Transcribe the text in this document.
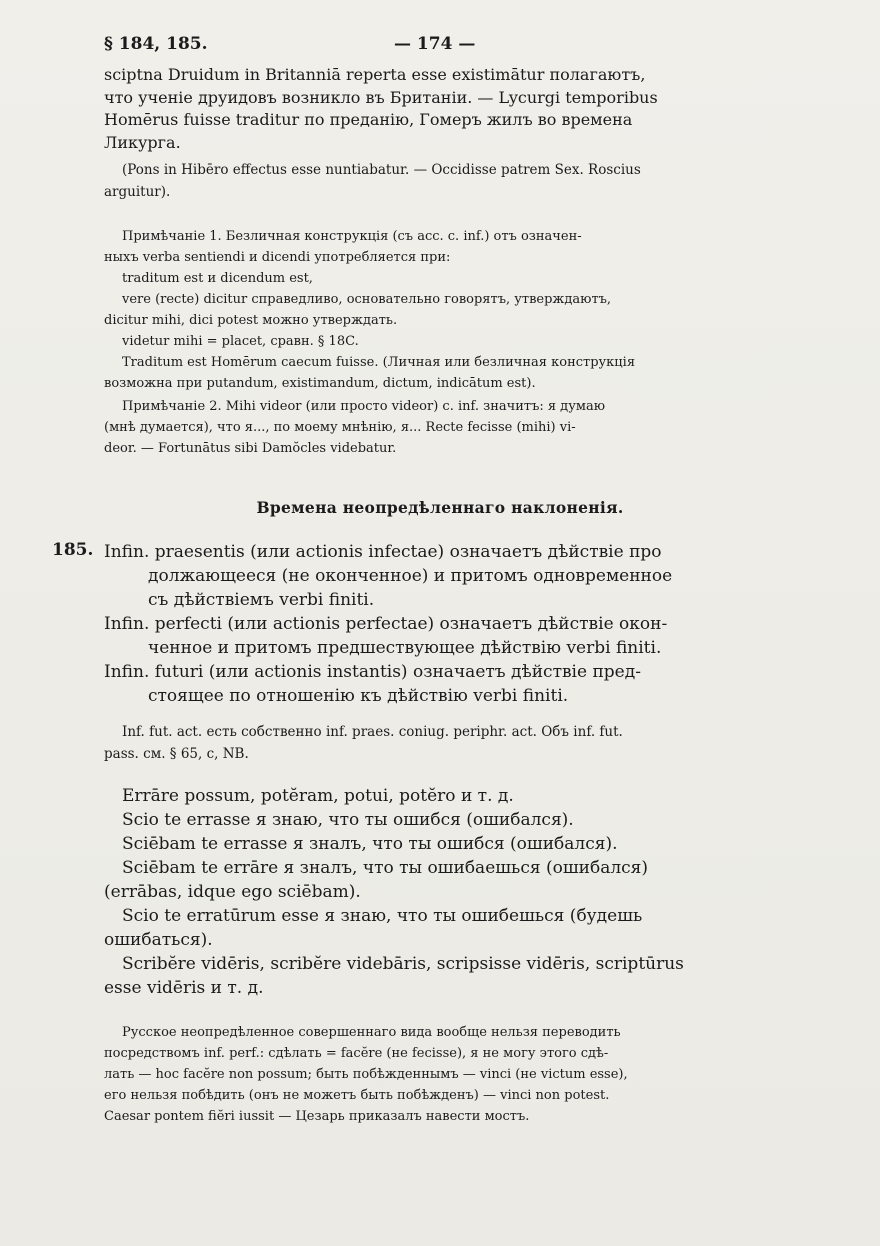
§ 184, 185.	— 174 —
sciptna Druidum in Britanniā reperta esse existimātur полагаютъ,
что ученіе друидовъ возникло въ Британіи. — Lycurgi temporibus
Homērus fuisse traditur по преданію, Гомеръ жилъ во времена
Ликурга.
(Pons in Hibēro effectus esse nuntiabatur. — Occidisse patrem Sex. Roscius
arguitur).
Примѣчаніе 1. Безличная конструкція (съ acc. c. inf.) отъ означен-
ныхъ verba sentiendi и dicendi употребляется при:
traditum est и dicendum est,
vere (recte) dicitur справедливо, основательно говорятъ, утверждаютъ,
dicitur mihi, dici potest можно утверждать.
videtur mihi = placet, сравн. § 18C.
Traditum est Homērum caecum fuisse. (Личная или безличная конструкція
возможна при putandum, existimandum, dictum, indicātum est).
Примѣчаніе 2. Mihi videor (или просто videor) c. inf. значитъ: я думаю
(мнѣ думается), что я..., по моему мнѣнію, я... Recte fecisse (mihi) vi-
deor. — Fortunātus sibi Damŏcles videbatur.
Времена неопредѣленнаго наклоненія.
185. Infin. praesentis (или actionis infectae) означаетъ дѣйствіе про
должающееся (не оконченное) и притомъ одновременное
съ дѣйствіемъ verbi finiti.
Infin. perfecti (или actionis perfectae) означаетъ дѣйствіе окон-
ченное и притомъ предшествующее дѣйствію verbi finiti.
Infin. futuri (или actionis instantis) означаетъ дѣйствіе пред-
стоящее по отношенію къ дѣйствію verbi finiti.
Inf. fut. act. есть собственно inf. praes. coniug. periphr. act. Объ inf. fut.
pass. см. § 65, c, NB.
Errāre possum, potĕram, potui, potĕro и т. д.
Scio te errasse я знаю, что ты ошибся (ошибался).
Sciēbam te errasse я зналъ, что ты ошибся (ошибался).
Sciēbam te errāre я зналъ, что ты ошибаешься (ошибался)
(errābas, idque ego sciēbam).
Scio te erratūrum esse я знаю, что ты ошибешься (будешь
ошибаться).
Scribĕre vidēris, scribĕre videbāris, scripsisse vidēris, scriptūrus
esse vidēris и т. д.
Русское неопредѣленное совершеннаго вида вообще нельзя переводить
посредствомъ inf. perf.: сдѣлать = facĕre (не fecisse), я не могу этого сдѣ-
лать — hoc facĕre non possum; быть побѣжденнымъ — vinci (не victum esse),
его нельзя побѣдить (онъ не можетъ быть побѣжденъ) — vinci non potest.
Caesar pontem fiĕri iussit — Цезарь приказалъ навести мостъ.
